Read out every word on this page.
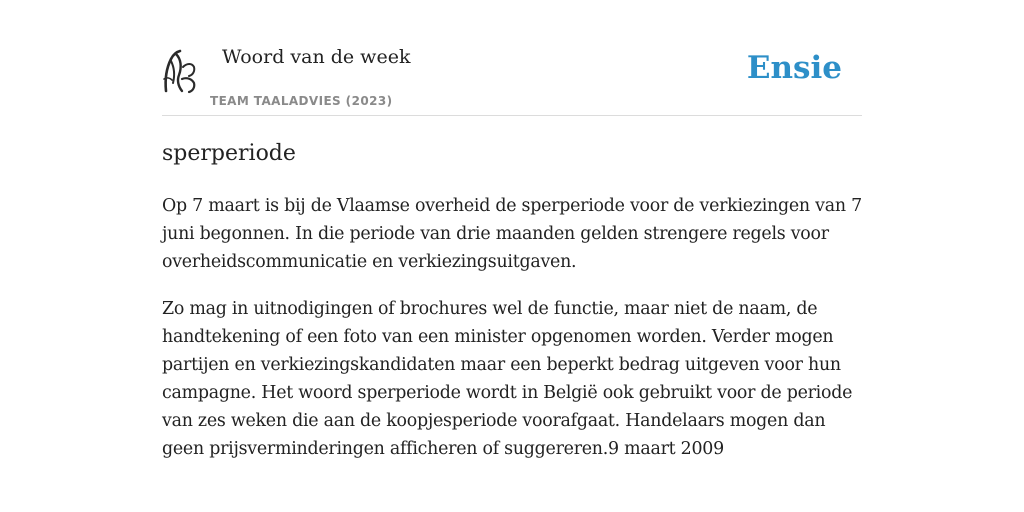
Woord van de week
TEAM TAALADVIES (2023)
Ensie
sperperiode

Op 7 maart is bij de Vlaamse overheid de sperperiode voor de verkiezingen van 7 juni begonnen. In die periode van drie maanden gelden strengere regels voor overheidscommunicatie en verkiezingsuitgaven.

Zo mag in uitnodigingen of brochures wel de functie, maar niet de naam, de handtekening of een foto van een minister opgenomen worden. Verder mogen partijen en verkiezingskandidaten maar een beperkt bedrag uitgeven voor hun campagne. Het woord sperperiode wordt in België ook gebruikt voor de periode van zes weken die aan de koopjesperiode voorafgaat. Handelaars mogen dan geen prijsverminderingen afficheren of suggereren.9 maart 2009
